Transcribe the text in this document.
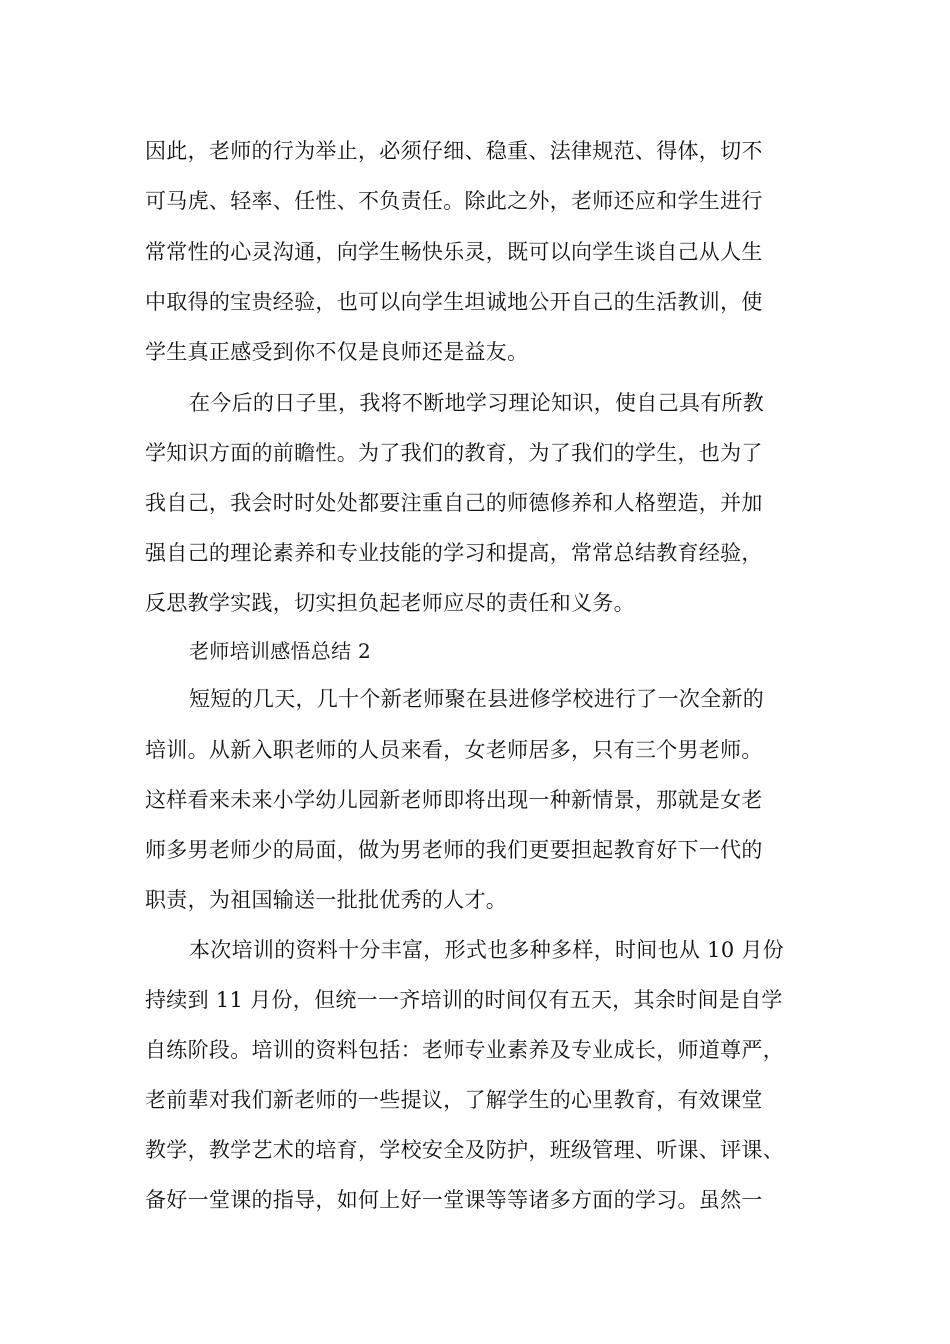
因此，老师的行为举止，必须仔细、稳重、法律规范、得体，切不
可马虎、轻率、任性、不负责任。除此之外，老师还应和学生进行
常常性的心灵沟通，向学生畅快乐灵，既可以向学生谈自己从人生
中取得的宝贵经验，也可以向学生坦诚地公开自己的生活教训，使
学生真正感受到你不仅是良师还是益友。
在今后的日子里，我将不断地学习理论知识，使自己具有所教
学知识方面的前瞻性。为了我们的教育，为了我们的学生，也为了
我自己，我会时时处处都要注重自己的师德修养和人格塑造，并加
强自己的理论素养和专业技能的学习和提高，常常总结教育经验，
反思教学实践，切实担负起老师应尽的责任和义务。
老师培训感悟总结 2
短短的几天，几十个新老师聚在县进修学校进行了一次全新的
培训。从新入职老师的人员来看，女老师居多，只有三个男老师。
这样看来未来小学幼儿园新老师即将出现一种新情景，那就是女老
师多男老师少的局面，做为男老师的我们更要担起教育好下一代的
职责，为祖国输送一批批优秀的人才。
本次培训的资料十分丰富，形式也多种多样，时间也从 10 月份
持续到 11 月份，但统一一齐培训的时间仅有五天，其余时间是自学
自练阶段。培训的资料包括：老师专业素养及专业成长，师道尊严，
老前辈对我们新老师的一些提议，了解学生的心里教育，有效课堂
教学，教学艺术的培育，学校安全及防护，班级管理、听课、评课、
备好一堂课的指导，如何上好一堂课等等诸多方面的学习。虽然一
